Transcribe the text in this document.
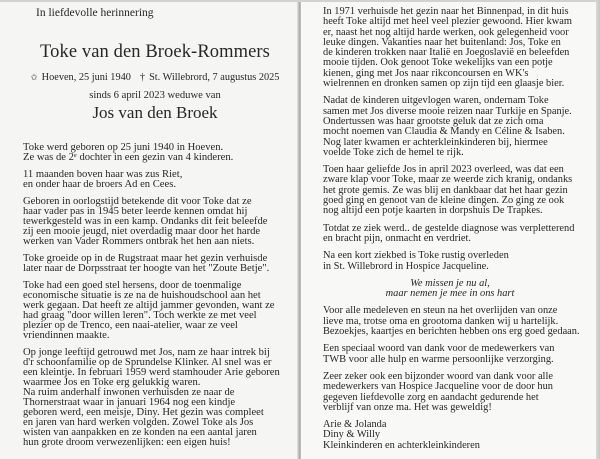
In liefdevolle herinnering

Toke van den Broek-Rommers

✩ Hoeven, 25 juni 1940 † St. Willebrord, 7 augustus 2025

sinds 6 april 2023 weduwe van

Jos van den Broek

Toke werd geboren op 25 juni 1940 in Hoeven.
Ze was de 2e dochter in een gezin van 4 kinderen.

11 maanden boven haar was zus Riet,
en onder haar de broers Ad en Cees.

Geboren in oorlogstijd betekende dit voor Toke dat ze
haar vader pas in 1945 beter leerde kennen omdat hij
tewerkgesteld was in een kamp. Ondanks dit feit beleefde
zij een mooie jeugd, niet overdadig maar door het harde
werken van Vader Rommers ontbrak het hen aan niets.

Toke groeide op in de Rugstraat maar het gezin verhuisde
later naar de Dorpsstraat ter hoogte van het "Zoute Betje".

Toke had een goed stel hersens, door de toenmalige
economische situatie is ze na de huishoudschool aan het
werk gegaan. Dat heeft ze altijd jammer gevonden, want ze
had graag "door willen leren". Toch werkte ze met veel
plezier op de Trenco, een naai-atelier, waar ze veel
vriendinnen maakte.

Op jonge leeftijd getrouwd met Jos, nam ze haar intrek bij
d'r schoonfamilie op de Sprundelse Klinker. Al snel was er
een kleintje. In februari 1959 werd stamhouder Arie geboren
waarmee Jos en Toke erg gelukkig waren.
Na ruim anderhalf inwonen verhuisden ze naar de
Thornerstraat waar in januari 1964 nog een kindje
geboren werd, een meisje, Diny. Het gezin was compleet
en jaren van hard werken volgden. Zowel Toke als Jos
wisten van aanpakken en ze konden na een aantal jaren
hun grote droom verwezenlijken: een eigen huis!

In 1971 verhuisde het gezin naar het Binnenpad, in dit huis
heeft Toke altijd met heel veel plezier gewoond. Hier kwam
er, naast het nog altijd harde werken, ook gelegenheid voor
leuke dingen. Vakanties naar het buitenland: Jos, Toke en
de kinderen trokken naar Italië en Joegoslavië en beleefden
mooie tijden. Ook genoot Toke wekelijks van een potje
kienen, ging met Jos naar rikconcoursen en WK's
wielrennen en dronken samen op zijn tijd een glaasje bier.

Nadat de kinderen uitgevlogen waren, ondernam Toke
samen met Jos diverse mooie reizen naar Turkije en Spanje.
Ondertussen was haar grootste geluk dat ze zich oma
mocht noemen van Claudia & Mandy en Céline & Isaben.
Nog later kwamen er achterkleinkinderen bij, hiermee
voelde Toke zich de hemel te rijk.

Toen haar geliefde Jos in april 2023 overleed, was dat een
zware klap voor Toke, maar ze weerde zich kranig, ondanks
het grote gemis. Ze was blij en dankbaar dat het haar gezin
goed ging en genoot van de kleine dingen. Zo ging ze ook
nog altijd een potje kaarten in dorpshuis De Trapkes.

Totdat ze ziek werd.. de gestelde diagnose was verpletterend
en bracht pijn, onmacht en verdriet.

Na een kort ziekbed is Toke rustig overleden
in St. Willebrord in Hospice Jacqueline.

We missen je nu al,
maar nemen je mee in ons hart

Voor alle medeleven en steun na het overlijden van onze
lieve ma, trotse oma en grootoma danken wij u hartelijk.
Bezoekjes, kaartjes en berichten hebben ons erg goed gedaan.

Een speciaal woord van dank voor de medewerkers van
TWB voor alle hulp en warme persoonlijke verzorging.

Zeer zeker ook een bijzonder woord van dank voor alle
medewerkers van Hospice Jacqueline voor de door hun
gegeven liefdevolle zorg en aandacht gedurende het
verblijf van onze ma. Het was geweldig!

Arie & Jolanda
Diny & Willy
Kleinkinderen en achterkleinkinderen
